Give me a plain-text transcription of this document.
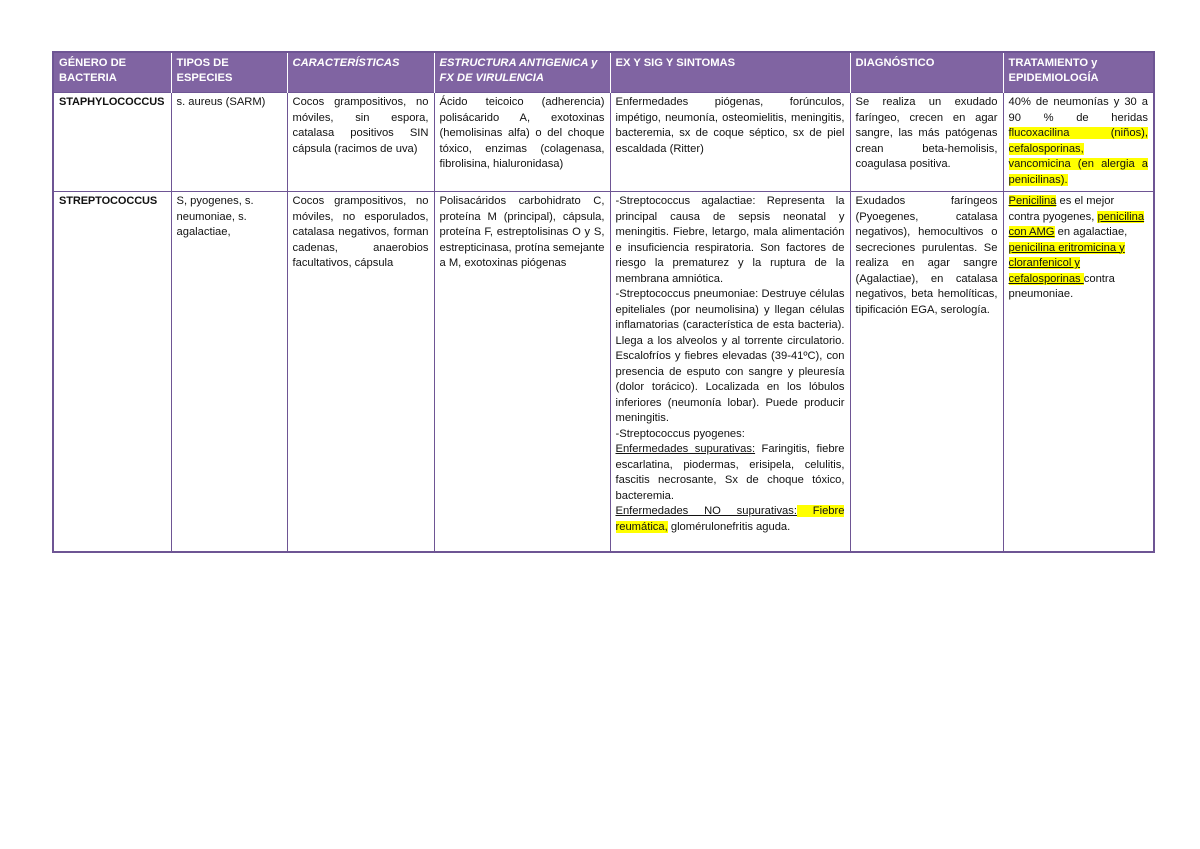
GÉNERO DE BACTERIA	TIPOS DE ESPECIES	CARACTERÍSTICAS	ESTRUCTURA ANTIGENICA y FX DE VIRULENCIA	EX Y SIG Y SINTOMAS	DIAGNÓSTICO	TRATAMIENTO y EPIDEMIOLOGÍA
STAPHYLOCOCCUS	s. aureus (SARM)	Cocos grampositivos, no móviles, sin espora, catalasa positivos SIN cápsula (racimos de uva)	Ácido teicoico (adherencia) polisácarido A, exotoxinas (hemolisinas alfa) o del choque tóxico, enzimas (colagenasa, fibrolisina, hialuronidasa)	Enfermedades piógenas, forúnculos, impétigo, neumonía, osteomielitis, meningitis, bacteremia, sx de coque séptico, sx de piel escaldada (Ritter)	Se realiza un exudado faríngeo, crecen en agar sangre, las más patógenas crean beta-hemolisis, coagulasa positiva.	40% de neumonías y 30 a 90 % de heridas flucoxacilina (niños), cefalosporinas, vancomicina (en alergia a penicilinas).
STREPTOCOCCUS	S, pyogenes, s. neumoniae, s. agalactiae,	Cocos grampositivos, no móviles, no esporulados, catalasa negativos, forman cadenas, anaerobios facultativos, cápsula	Polisacáridos carbohidrato C, proteína M (principal), cápsula, proteína F, estreptolisinas O y S, estrepticinasa, protína semejante a M, exotoxinas piógenas	-Streptococcus agalactiae: Representa la principal causa de sepsis neonatal y meningitis. Fiebre, letargo, mala alimentación e insuficiencia respiratoria. Son factores de riesgo la prematurez y la ruptura de la membrana amniótica.
-Streptococcus pneumoniae: Destruye células epiteliales (por neumolisina) y llegan células inflamatorias (característica de esta bacteria). Llega a los alveolos y al torrente circulatorio. Escalofríos y fiebres elevadas (39-41ºC), con presencia de esputo con sangre y pleuresía (dolor torácico). Localizada en los lóbulos inferiores (neumonía lobar). Puede producir meningitis.
-Streptococcus pyogenes:
Enfermedades supurativas: Faringitis, fiebre escarlatina, piodermas, erisipela, celulitis, fascitis necrosante, Sx de choque tóxico, bacteremia.
Enfermedades NO supurativas: Fiebre reumática, glomérulonefritis aguda.	Exudados faríngeos (Pyoegenes, catalasa negativos), hemocultivos o secreciones purulentas. Se realiza en agar sangre (Agalactiae), en catalasa negativos, beta hemolíticas, tipificación EGA, serología.	Penicilina es el mejor contra pyogenes, penicilina con AMG en agalactiae, penicilina eritromicina y cloranfenicol y cefalosporinas contra pneumoniae.
